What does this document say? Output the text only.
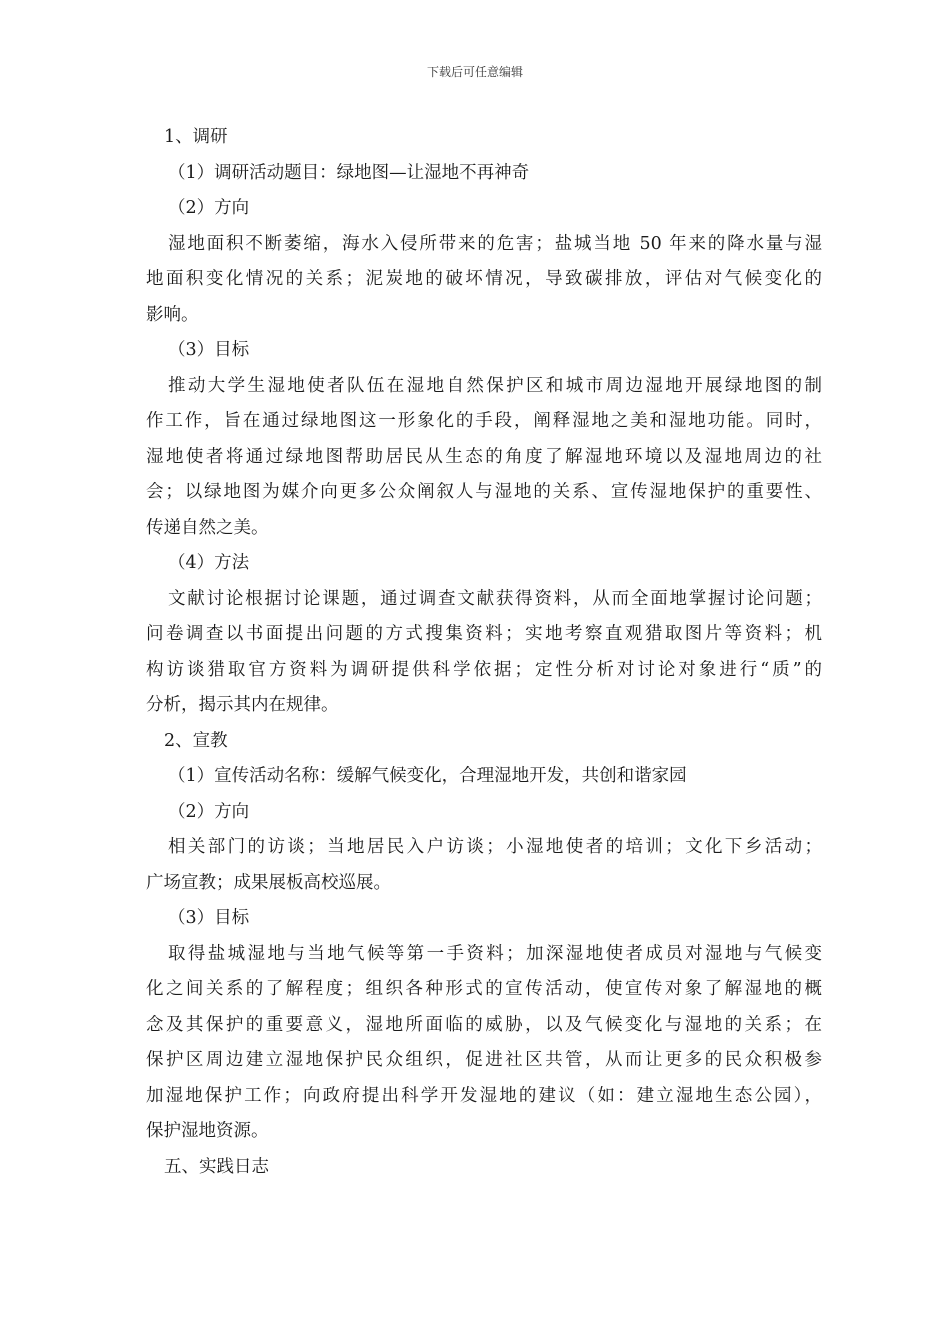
下载后可任意编辑
1、调研
（1）调研活动题目：绿地图—让湿地不再神奇
（2）方向
湿地面积不断萎缩，海水入侵所带来的危害；盐城当地 50 年来的降水量与湿
地面积变化情况的关系；泥炭地的破坏情况，导致碳排放，评估对气候变化的
影响。
（3）目标
推动大学生湿地使者队伍在湿地自然保护区和城市周边湿地开展绿地图的制
作工作，旨在通过绿地图这一形象化的手段，阐释湿地之美和湿地功能。同时，
湿地使者将通过绿地图帮助居民从生态的角度了解湿地环境以及湿地周边的社
会；以绿地图为媒介向更多公众阐叙人与湿地的关系、宣传湿地保护的重要性、
传递自然之美。
（4）方法
文献讨论根据讨论课题，通过调查文献获得资料，从而全面地掌握讨论问题；
问卷调查以书面提出问题的方式搜集资料；实地考察直观猎取图片等资料；机
构访谈猎取官方资料为调研提供科学依据；定性分析对讨论对象进行“质”的
分析，揭示其内在规律。
2、宣教
（1）宣传活动名称：缓解气候变化，合理湿地开发，共创和谐家园
（2）方向
相关部门的访谈；当地居民入户访谈；小湿地使者的培训；文化下乡活动；
广场宣教；成果展板高校巡展。
（3）目标
取得盐城湿地与当地气候等第一手资料；加深湿地使者成员对湿地与气候变
化之间关系的了解程度；组织各种形式的宣传活动，使宣传对象了解湿地的概
念及其保护的重要意义，湿地所面临的威胁，以及气候变化与湿地的关系；在
保护区周边建立湿地保护民众组织，促进社区共管，从而让更多的民众积极参
加湿地保护工作；向政府提出科学开发湿地的建议（如：建立湿地生态公园），
保护湿地资源。
五、实践日志
